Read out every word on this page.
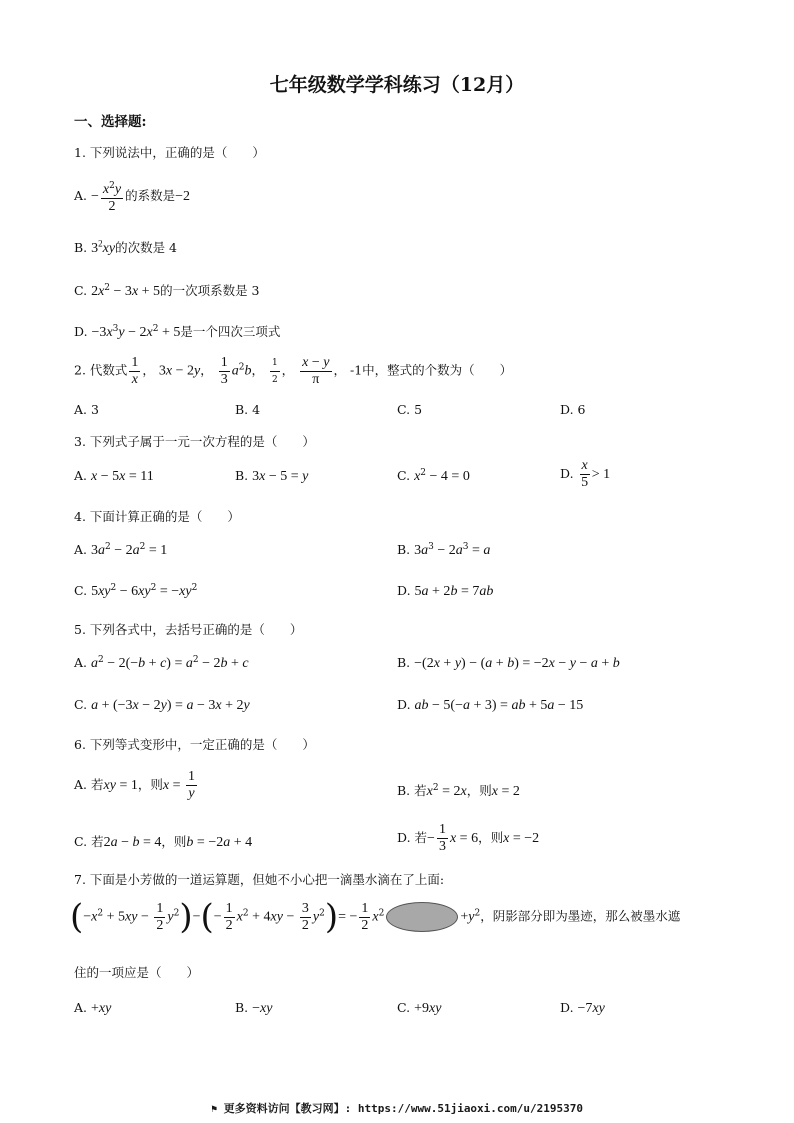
七年级数学学科练习（12月）
一、选择题:
1. 下列说法中，正确的是（　　）
A. − $\frac{x^2y}{2}$ 的系数是−2
B. $3^2xy$的次数是 4
C. $2x^2 - 3x + 5$的一次项系数是 3
D. $-3x^3y - 2x^2 + 5$是一个四次三项式
2. 代数式 $\frac{1}{x}$ ， 3x − 2y， $\frac{1}{3} a^2b$， $\frac{1}{2}$ ， $\frac{x - y}{\pi}$ ， -1中，整式的个数为（　　）
A. 3	B. 4	C. 5	D. 6
3. 下列式子属于一元一次方程的是（　　）
A. x − 5x = 11	B. 3x − 5 = y	C. $x^2 - 4 = 0$	D. $\frac{x}{5} > 1$
4. 下面计算正确的是（　　）
A. $3a^2 - 2a^2 = 1$	B. $3a^3 - 2a^3 = a$
C. $5xy^2 - 6xy^2 = -xy^2$	D. 5a + 2b = 7ab
5. 下列各式中，去括号正确的是（　　）
A. $a^2 - 2(-b + c) = a^2 - 2b + c$	B. −(2x + y) − (a + b) = −2x − y − a + b
C. a + (−3x − 2y) = a − 3x + 2y	D. ab − 5(−a + 3) = ab + 5a − 15
6. 下列等式变形中，一定正确的是（　　）
A. 若xy = 1，则$x = \frac{1}{y}$	B. 若$x^2 = 2x$，则x = 2
C. 若2a − b = 4，则b = −2a + 4	D. 若− $\frac{1}{3}$ x = 6，则x = −2
7. 下面是小芳做的一道运算题，但她不小心把一滴墨水滴在了上面:
$(-x^2 + 5xy - \frac{1}{2} y^2)-(- \frac{1}{2} x^2 + 4xy - \frac{3}{2} y^2)= - \frac{1}{2} x^2$	$+y^2$，阴影部分即为墨迹，那么被墨水遮
住的一项应是（　　）
A. +xy	B. −xy	C. +9xy	D. −7xy
⚑ 更多资料访问【教习网】: https://www.51jiaoxi.com/u/2195370
